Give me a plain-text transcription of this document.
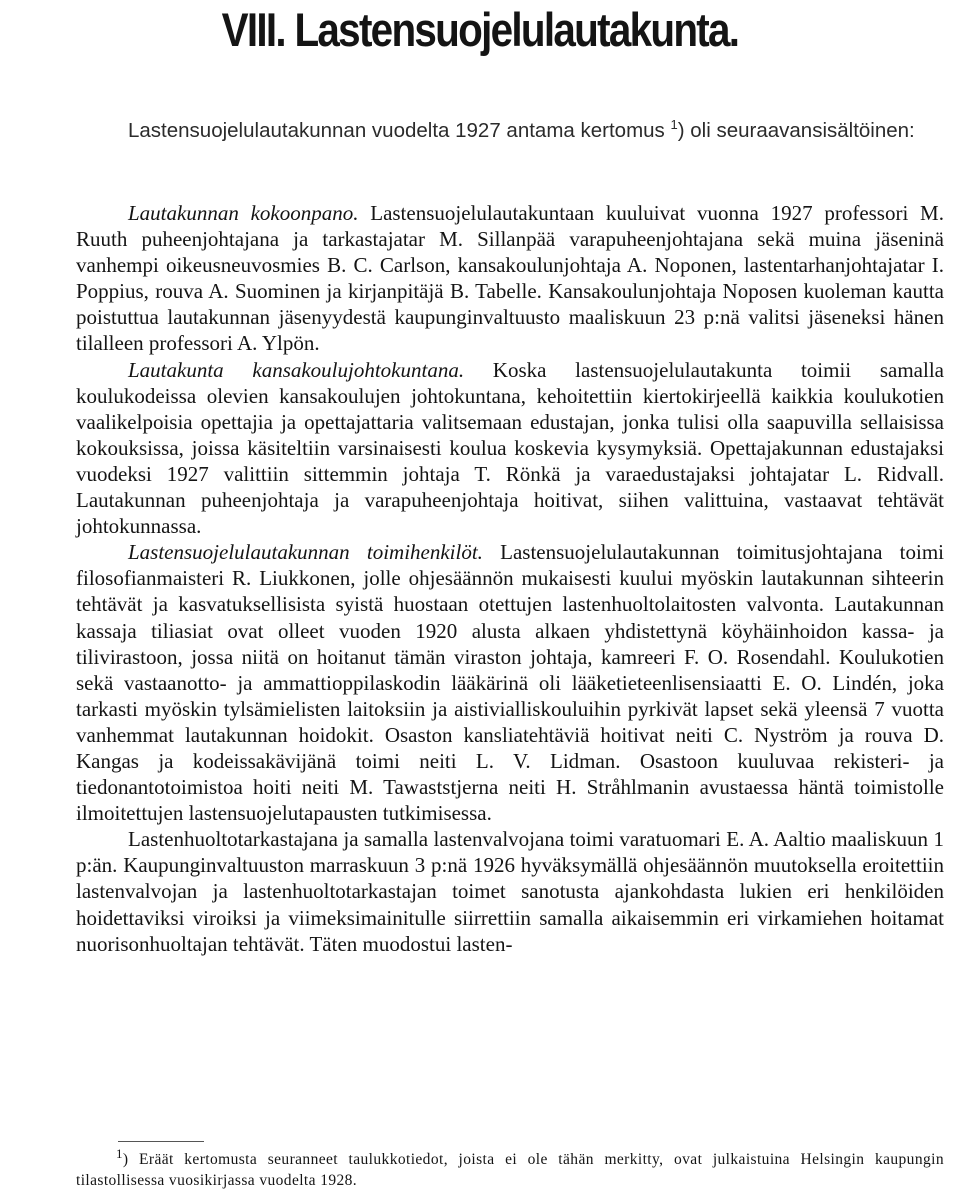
VIII. Lastensuojelulautakunta.

Lastensuojelulautakunnan vuodelta 1927 antama kertomus $^1$) oli seuraavansisältöinen:

Lautakunnan kokoonpano. Lastensuojelulautakuntaan kuuluivat vuonna 1927 professori M. Ruuth puheenjohtajana ja tarkastajatar M. Sillanpää varapuheenjohtajana sekä muina jäseninä vanhempi oikeusneuvosmies B. C. Carlson, kansakoulunjohtaja A. Noponen, lastentarhanjohtajatar I. Poppius, rouva A. Suominen ja kirjanpitäjä B. Tabelle. Kansakoulunjohtaja Noposen kuoleman kautta poistuttua lautakunnan jäsenyydestä kaupunginvaltuusto maaliskuun 23 p:nä valitsi jäseneksi hänen tilalleen professori A. Ylpön.

Lautakunta kansakoulujohtokuntana. Koska lastensuojelulautakunta toimii samalla koulukodeissa olevien kansakoulujen johtokuntana, kehoitettiin kiertokirjeellä kaikkia koulukotien vaalikelpoisia opettajia ja opettajattaria valitsemaan edustajan, jonka tulisi olla saapuvilla sellaisissa kokouksissa, joissa käsiteltiin varsinaisesti koulua koskevia kysymyksiä. Opettajakunnan edustajaksi vuodeksi 1927 valittiin sittemmin johtaja T. Rönkä ja varaedustajaksi johtajatar L. Ridvall. Lautakunnan puheenjohtaja ja varapuheenjohtaja hoitivat, siihen valittuina, vastaavat tehtävät johtokunnassa.

Lastensuojelulautakunnan toimihenkilöt. Lastensuojelulautakunnan toimitusjohtajana toimi filosofianmaisteri R. Liukkonen, jolle ohjesäännön mukaisesti kuului myöskin lautakunnan sihteerin tehtävät ja kasvatuksellisista syistä huostaan otettujen lastenhuoltolaitosten valvonta. Lautakunnan kassaja tiliasiat ovat olleet vuoden 1920 alusta alkaen yhdistettynä köyhäinhoidon kassa- ja tilivirastoon, jossa niitä on hoitanut tämän viraston johtaja, kamreeri F. O. Rosendahl. Koulukotien sekä vastaanotto- ja ammattioppilaskodin lääkärinä oli lääketieteenlisensiaatti E. O. Lindén, joka tarkasti myöskin tylsämielisten laitoksiin ja aistivialliskouluihin pyrkivät lapset sekä yleensä 7 vuotta vanhemmat lautakunnan hoidokit. Osaston kansliatehtäviä hoitivat neiti C. Nyström ja rouva D. Kangas ja kodeissakävijänä toimi neiti L. V. Lidman. Osastoon kuuluvaa rekisteri- ja tiedonantotoimistoa hoiti neiti M. Tawaststjerna neiti H. Stråhlmanin avustaessa häntä toimistolle ilmoitettujen lastensuojelutapausten tutkimisessa.

Lastenhuoltotarkastajana ja samalla lastenvalvojana toimi varatuomari E. A. Aaltio maaliskuun 1 p:än. Kaupunginvaltuuston marraskuun 3 p:nä 1926 hyväksymällä ohjesäännön muutoksella eroitettiin lastenvalvojan ja lastenhuoltotarkastajan toimet sanotusta ajankohdasta lukien eri henkilöiden hoidettaviksi viroiksi ja viimeksimainitulle siirrettiin samalla aikaisemmin eri virkamiehen hoitamat nuorisonhuoltajan tehtävät. Täten muodostui lasten-

$^1$) Eräät kertomusta seuranneet taulukkotiedot, joista ei ole tähän merkitty, ovat julkaistuina Helsingin kaupungin tilastollisessa vuosikirjassa vuodelta 1928.
